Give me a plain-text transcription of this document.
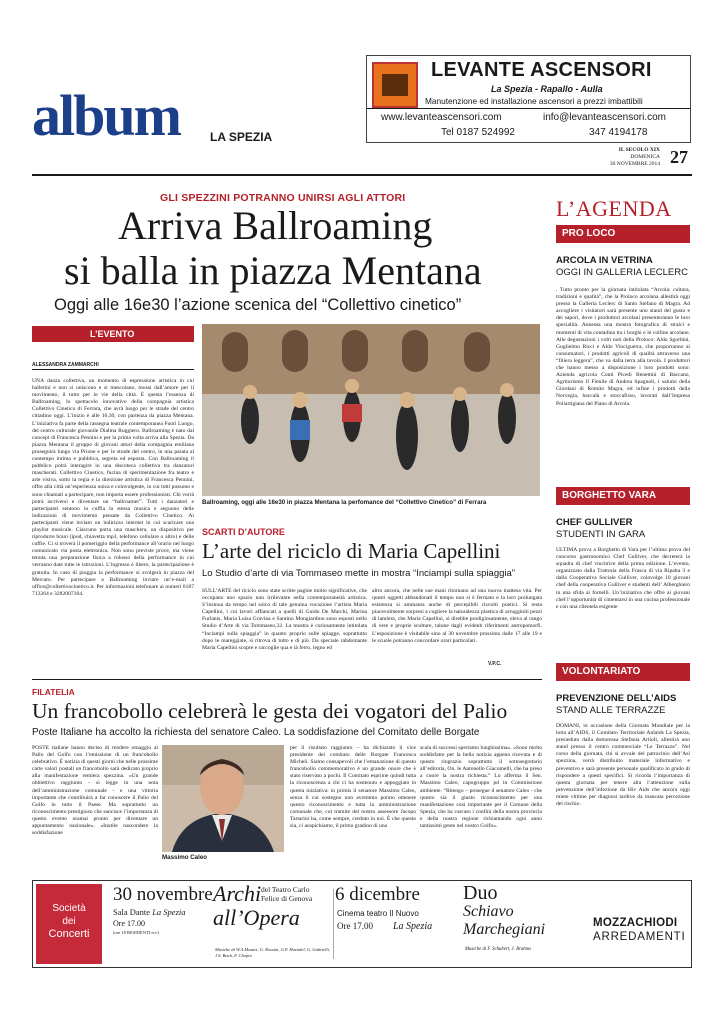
album	LA SPEZIA
LEVANTE ASCENSORI
La Spezia - Rapallo - Aulla
Manutenzione ed installazione ascensori a prezzi imbattibili
www.levanteascensori.com	info@levanteascensori.com
Tel 0187 524992	347 4194178
IL SECOLO XIX
DOMENICA
30 NOVEMBRE 2014 27
GLI SPEZZINI POTRANNO UNIRSI AGLI ATTORI
Arriva Ballroaming
si balla in piazza Mentana
Oggi alle 16e30 l’azione scenica del “Collettivo cinetico”
L’EVENTO
ALESSANDRA ZAMMARCHI
UNA danza collettiva, un momento di espressione artistica in cui ballerini e non si uniscono e si mescolano, mossi dall’amore per il movimento, il tutto per le vie della città. È questa l’essenza di Ballroaming, lo spettacolo innovativo della compagnia artistica Collettivo Cinetico di Ferrara, che avrà luogo per le strade del centro cittadino oggi. L’inizio è alle 16,30, con partenza da piazza Mentana. L’iniziativa fa parte della rassegna teatrale contemporanea Fuori Luogo, del centro culturale giovanile Dialma Ruggiero. Ballroaming è nato dal concept di Francesca Pennini e per la prima volta arriva alla Spezia. Da piazza Mentana il gruppo di giovani attori della compagnia emiliana proseguirà lungo via Prione e per le strade del centro, in una parata al contempo intima e pubblica, segreta ed esposta. Con Ballroaming il pubblico potrà interagire in una discoteca collettiva tra danzatori mascherati. Collettivo Cinetico, fucina di sperimentazione fra teatro e arte visiva, sotto la regia e la direzione artistica di Francesca Pennini, offre alla città un’esperienza unica e coinvolgente, in cui tutti possono e sono chiamati a partecipare, non importa essere professionisti. Chi vorrà potrà iscriversi e diventare un “ballroamer”. Tutti i danzatori e partecipanti sentono in cuffia la stessa musica e seguono delle indicazioni di movimento pensate da Collettivo Cinetico. Ai partecipanti viene inviato un indirizzo internet in cui scaricare una playlist musicale. Ciascuno porta una maschera, un dispositivo per riprodurre brani (ipod, chiavetta mp3, telefono cellulare o altro) e delle cuffie. Ci si troverà il pomeriggio della performance all’orario nel luogo comunicato via posta elettronica. Non sono previste prove, ma viene tenuta una preparazione fisica a ridosso della performance in cui verranno date tutte le istruzioni. L’ingresso è libero, la partecipazione è gratuita. In caso di pioggia la performance si svolgerà in piazza del Mercato. Per partecipare a Ballroaming inviare un’e-mail a office@collettivocinetico.it. Per informazioni telefonare ai numeri 0187 713264 e 3282007184.
Ballroaming, oggi alle 16e30 in piazza Mentana la perfomance del “Collettivo Cinetico” di Ferrara
SCARTI D’AUTORE
L’arte del riciclo di Maria Capellini
Lo Studio d’arte di via Tommaseo mette in mostra “Inciampi sulla spiaggia”
SULL’ARTE del riciclo sono state scritte pagine molto significative, che occupano uno spazio non irrilevante nella contemporaneità artistica. S’insinua da tempo nel solco di tale genuina vocazione l’artista Maria Capellini, i cui lavori affiancati a quelli di Guido De Marchi, Marina Furlanis, Maria Luisa Gravina e Santino Mongiardino sono esposti nello Studio d’Arte di via Tommaseo,32. La mostra è curiosamente intitolata “Inciampi sulla spiaggia” in quanto proprio sulle spiagge, soprattutto dopo le mareggiate, si ritrova di tutto e di più. Da speciale rabdomante Maria Capellini scopre e raccoglie qua e là ferro, legno ed
altro ancora, che nelle sue mani ritornano ad una nuova inattesa vita. Per questi oggetti abbandonati il tempo non si è fermato e la loro prolungata esistenza si ammanta anche di percepibili risvolti poetici. Si resta piacevolmente sorpresi a cogliere la naturalezza plastica di arrugginiti pezzi di lamiera, che Maria Capellini, si direbbe prodigiosamente, eleva al rango di vere e proprie sculture, talune dagli evidenti riferimenti antropomorfi. L’esposizione è visitabile sino al 30 novembre prossimo dalle 17 alle 19 e le scuole potranno concordare orari particolari.
V.P.C.
FILATELIA
Un francobollo celebrerà le gesta dei vogatori del Palio
Poste Italiane ha accolto la richiesta del senatore Caleo. La soddisfazione del Comitato delle Borgate
POSTE italiane hanno deciso di rendere omaggio al Palio del Golfo con l’emissione di un francobollo celebrativo. È notizia di questi giorni che nelle prossime carte valori postali un francobollo sarà dedicato proprio alla manifestazione remiera spezzina. «Un grande obbiettivo raggiunto - si legge in una nota dell’amministrazione comunale - e una vittoria importante che contribuirà a far conoscere il Palio del Golfo in tutto il Paese. Ma soprattutto un riconoscimento prestigioso che sancisce l’importanza di questo evento oramai pronto per diventare un appuntamento nazionale». «Inutile nascondere la soddisfazione
Massimo Caleo
per il risultato raggiunto – ha dichiarato il vice presidente del comitato delle Borgate Francesca Micheli. Siamo consapevoli che l’emanazione di questo francobollo commemorativo è un grande onore che è stato riservato a pochi. Il Comitato esprime quindi tutta la riconoscenza a chi ci ha sostenuto e appoggiato in questa iniziativa: in primis il senatore Massimo Caleo, senza il cui sostegno non avremmo potuto ottenere questo riconoscimento e tutta la amministrazione comunale che, col tramite del nostro assessore Jacopo Tartarini ha, come sempre, creduto in noi. È che questo sia, ci auspichiamo, il primo gradino di una
scala di successi speriamo lunghissima». «Sono molto soddisfatto per la bella notizia appena ricevuta e di questo ringrazio soprattutto il sottosegretario all’editoria, On. le Antonello Giacomelli, che ha preso a cuore la nostra richiesta.” Lo afferma il Sen. Massimo Caleo, capogruppo pd in Commissione ambiente. “Ritengo – prosegue il senatore Caleo - che questo sia il giusto riconoscimento per una manifestazione così importante per il Comune della Spezia, che ha varcato i confini della nostra provincia e della nostra regione richiamando ogni anno tantissimi gente nel nostro Golfo».
L’AGENDA
PRO LOCO
ARCOLA IN VETRINA
OGGI IN GALLERIA LECLERC
. Tutto pronto per la giornata intitolata “Arcola: cultura, tradizioni e qualità”, che la Proloco arcolana allestirà oggi presso la Galleria Leclerc di Santo Stefano di Magra. Ad accogliere i visitatori sarà presente uno stand del gusto e dei sapori, dove i produttori arcolani presenteranno le loro specialità. Annessa una mostra fotografica di stralci e momenti di vita contadina tra i borghi e le colline arcolane. Alle degustazioni i volti noti della Proloco: Aldo Sgorbini, Guglielmo Ricci e Aldo Vinciguerra, che proporranno ai consumatori, i prodotti agricoli di qualità attraverso una “filiera leggera”, che va dalla terra alla tavola. I produttori che hanno messo a disposizione i loro prodotti sono: Azienda agricola Conti Picedi Benettini di Baccano, Agriturismo Il Fienile di Andrea Spagnoli, i salumi della Giordani di Romito Magra, ed infine i prodotti della Norvegia, baccalà e stoccafisso, lavorati dall’Impresa Poliartigiana del Piano di Arcola.
BORGHETTO VARA
CHEF GULLIVER
STUDENTI IN GARA
ULTIMA prova a Borghetto di Vara per l’ultima prova del concorso gastronomico Chef Gulliver, che decreterà la squadra di chef vincitrice della prima edizione. L’evento, organizzato dalla Trattoria della Frasca di via Ripalta 3 e dalla Cooperativa Sociale Gulliver, coinvolge 10 giovani chef della cooperativa Gulliver e studenti dell’ Alberghiero in una sfida ai fornelli. Un’iniziativa che offre ai giovani chef l’opportunità di cimentarsi in una cucina professionale e con una clientela esigente
VOLONTARIATO
PREVENZIONE DELL’AIDS
STAND ALLE TERRAZZE
DOMANI, in occasione della Giornata Mondiale per la lotta all’AIDS, il Comitato Territoriale Anlaids La Spezia, presieduto dalla dottoressa Stefania Artioli, allestirà uno stand presso il centro commerciale “Le Terrazze”. Nel corso della giornata, chi si avvale del patrocinio dell’Asl spezzina, verrà distribuito materiale informativo e preventivo e sarà presente personale qualificato in grado di rispondere a questi specifici. Si ricorda l’importanza di questa giornata per tenere alta l’attenzione sulla prevenzione dell’infezione da Hiv Aids che ancora oggi miete vittime per diagnosi tardive da mancata percezione del rischio.
Società
dei
Concerti
30 novembre
Sala Dante La Spezia
Ore 17.00
(ore 18 RESIDENTI ecc)
Archi
all’Opera
del Teatro Carlo Felice di Genova
Musiche di W.A.Mozart, G. Rossini, G.F. Haendel, G. Gabrielli, J.S. Bach, F. Chopin
6 dicembre
Cinema teatro Il Nuovo
Ore 17.00 La Spezia
Duo
Schiavo
Marchegiani
Musiche di F. Schubert, J. Brahms
MOZZACHIODI
ARREDAMENTI
